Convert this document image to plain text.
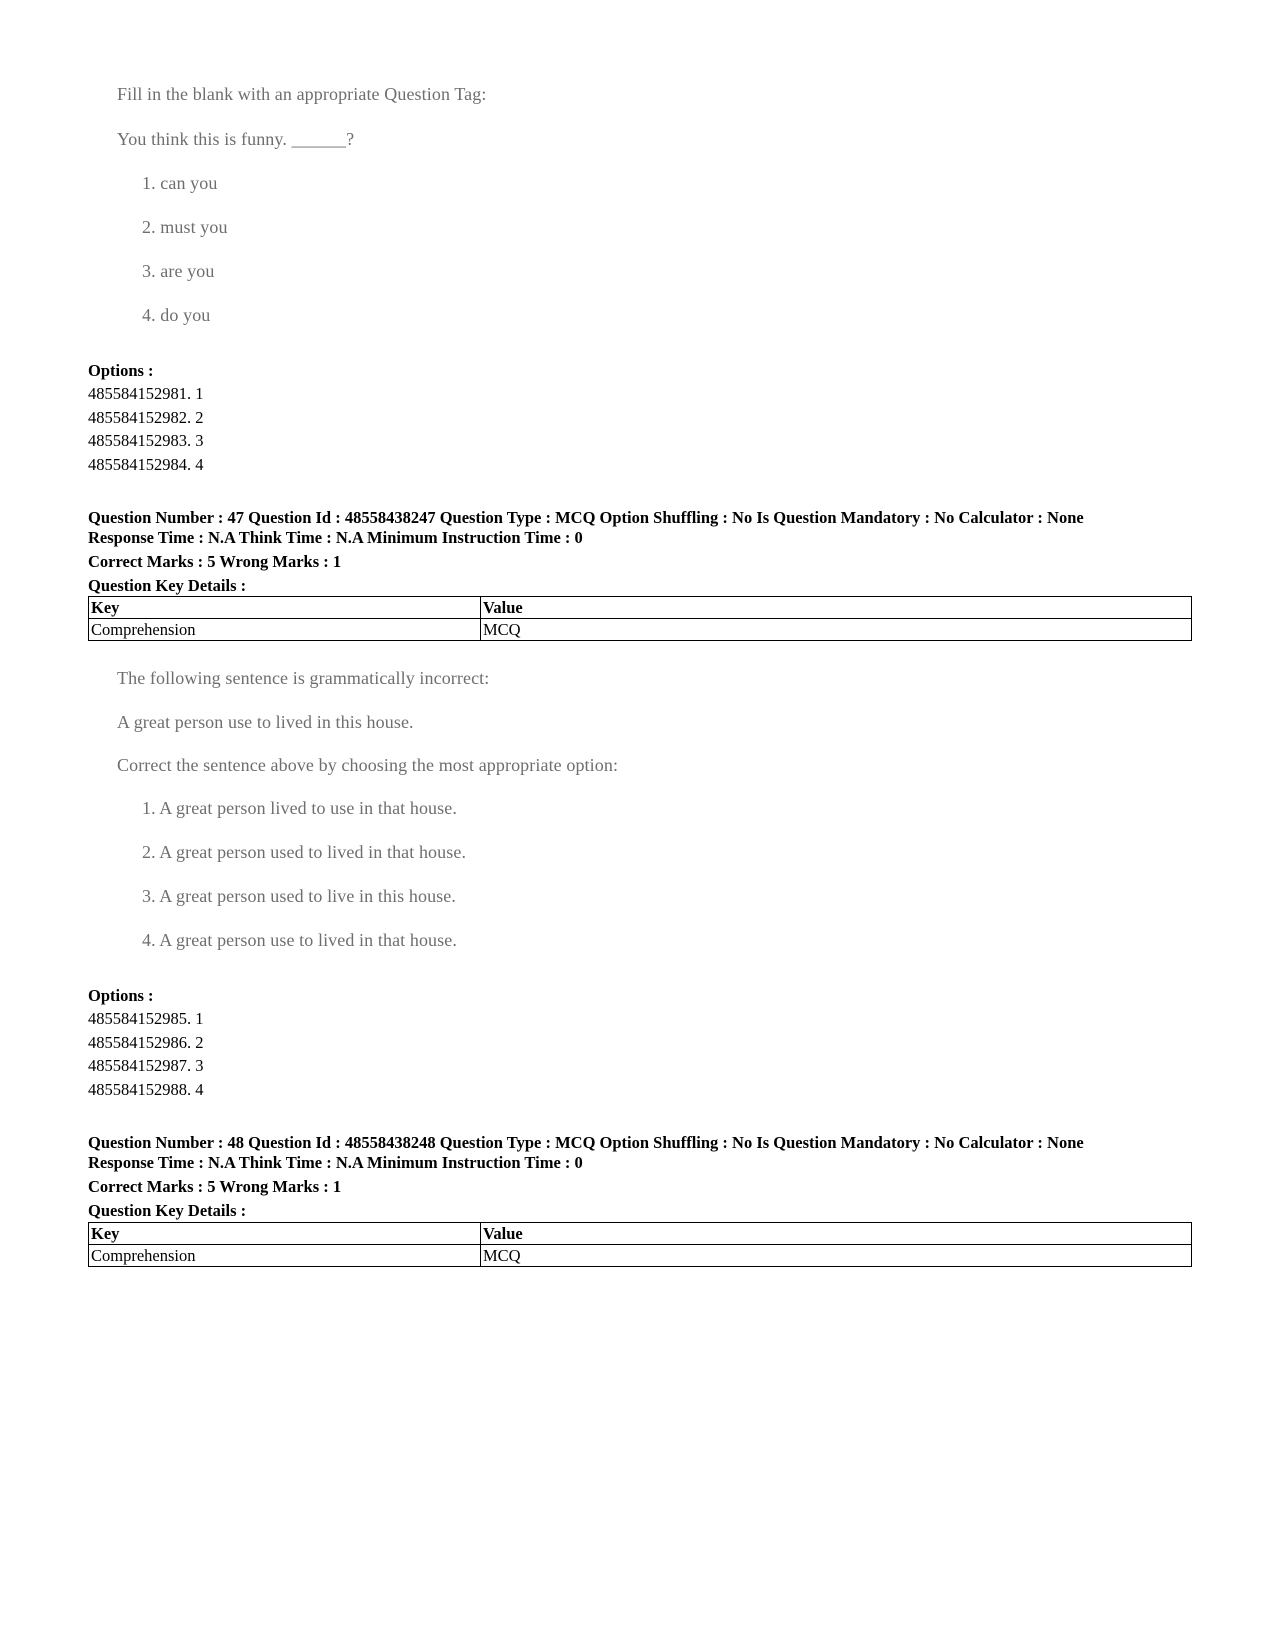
Fill in the blank with an appropriate Question Tag:
You think this is funny. ______?
1. can you
2. must you
3. are you
4. do you
Options :
485584152981. 1
485584152982. 2
485584152983. 3
485584152984. 4
Question Number : 47 Question Id : 48558438247 Question Type : MCQ Option Shuffling : No Is Question Mandatory : No Calculator : None
Response Time : N.A Think Time : N.A Minimum Instruction Time : 0
Correct Marks : 5 Wrong Marks : 1
Question Key Details :
Key	Value
Comprehension	MCQ
The following sentence is grammatically incorrect:
A great person use to lived in this house.
Correct the sentence above by choosing the most appropriate option:
1. A great person lived to use in that house.
2. A great person used to lived in that house.
3. A great person used to live in this house.
4. A great person use to lived in that house.
Options :
485584152985. 1
485584152986. 2
485584152987. 3
485584152988. 4
Question Number : 48 Question Id : 48558438248 Question Type : MCQ Option Shuffling : No Is Question Mandatory : No Calculator : None
Response Time : N.A Think Time : N.A Minimum Instruction Time : 0
Correct Marks : 5 Wrong Marks : 1
Question Key Details :
Key	Value
Comprehension	MCQ
